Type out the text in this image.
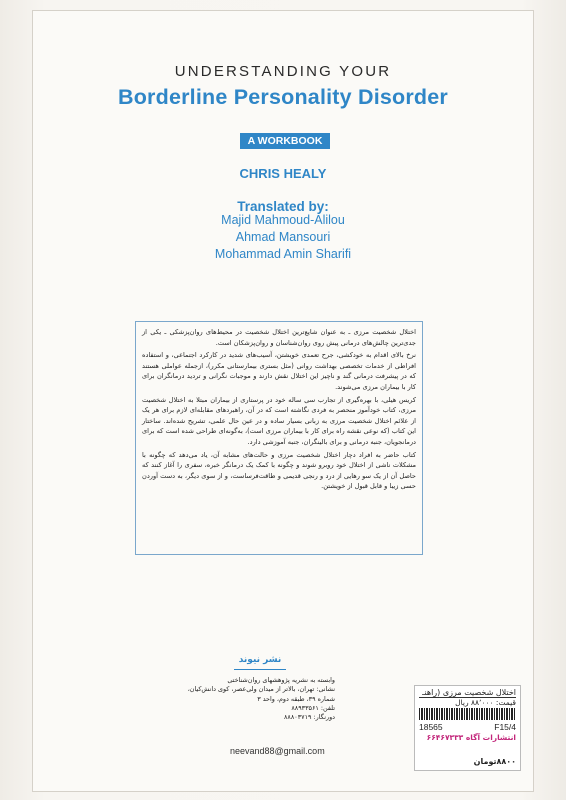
UNDERSTANDING YOUR
Borderline Personality Disorder
A WORKBOOK
CHRIS HEALY
Translated by:
Majid Mahmoud-Alilou
Ahmad Mansouri
Mohammad Amin Sharifi

اختلال شخصیت مرزی ـ به عنوان شایع‌ترین اختلال شخصیت در محیط‌های روان‌پزشکی ـ یکی از جدی‌ترین چالش‌های درمانی پیش روی روان‌شناسان و روان‌پزشکان است.

نرخ بالای اقدام به خودکشی، جرح تعمدی خویشتن، آسیب‌های شدید در کارکرد اجتماعی، و استفاده افراطی از خدمات تخصصی بهداشت روانی (مثل بستری بیمارستانی مکرر)، ازجمله عواملی هستند که در پیشرفت درمانی گند و ناچیز این اختلال نقش دارند و موجبات نگرانی و تردید درمانگران برای کار با بیماران مرزی می‌شوند.

کریس هیلی، با بهره‌گیری از تجارب سی ساله خود در پرستاری از بیماران مبتلا به اختلال شخصیت مرزی، کتاب خودآموز منحصر به فردی نگاشته است که در آن، راهبردهای مقابله‌ای لازم برای هر یک از علائم اختلال شخصیت مرزی به زبانی بسیار ساده و در عین حال علمی، تشریح شده‌اند. ساختار این کتاب (که نوعی نقشه راه برای کار با بیماران مرزی است)، به‌گونه‌ای طراحی شده است که برای درمانجویان، جنبه درمانی و برای بالینگران، جنبه آموزشی دارد.

کتاب حاضر به افراد دچار اختلال شخصیت مرزی و حالت‌های مشابه آن، یاد می‌دهد که چگونه با مشکلات ناشی از اختلال خود روبرو شوند و چگونه با کمک یک درمانگر خبره، سفری را آغاز کنند که حاصل آن از یک سو رهایی از درد و رنجی قدیمی و طاقت‌فرساست، و از سوی دیگر، به دست آوردن حسی زیبا و قابل قبول از خویشتن.

نشر نیوند
وابسته به نشریه پژوهشهای روان‌شناختی
نشانی: تهران، بالاتر از میدان ولی‌عصر، کوی دانش‌کیان،
شماره ۳۹، طبقه دوم، واحد ۳
تلفن: ۸۸۹۳۳۵۶۱
دورنگار: ۸۸۸۰۳۷۱۹
neevand88@gmail.com
اختلال شخصیت مرزی (راهنـ
قیمت: ۸۸٬۰۰۰ ریال
18565	F15/4
انتشارات آگاه ۶۶۴۶۷۳۳۳
۸۸۰۰تومان
